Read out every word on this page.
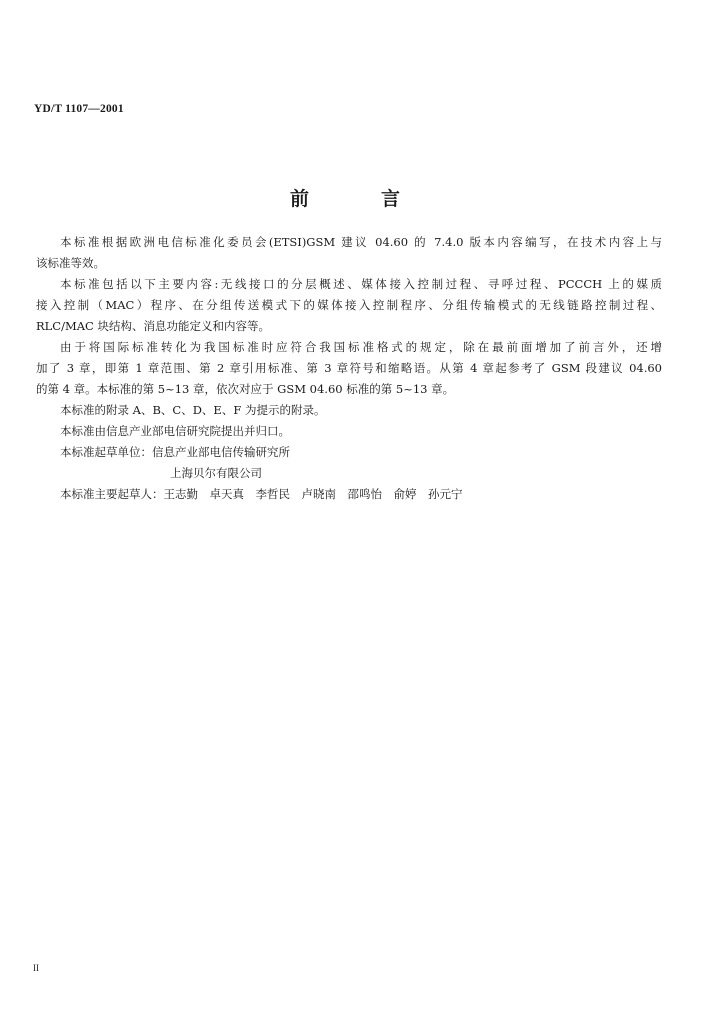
YD/T 1107—2001

前	言

本标准根据欧洲电信标准化委员会(ETSI)GSM 建议 04.60 的 7.4.0 版本内容编写，在技术内容上与
该标准等效。

本标准包括以下主要内容:无线接口的分层概述、媒体接入控制过程、寻呼过程、PCCCH 上的媒质
接入控制（MAC）程序、在分组传送模式下的媒体接入控制程序、分组传输模式的无线链路控制过程、
RLC/MAC 块结构、消息功能定义和内容等。

由于将国际标准转化为我国标准时应符合我国标准格式的规定，除在最前面增加了前言外，还增
加了 3 章，即第 1 章范围、第 2 章引用标准、第 3 章符号和缩略语。从第 4 章起参考了 GSM 段建议 04.60
的第 4 章。本标准的第 5~13 章，依次对应于 GSM 04.60 标准的第 5~13 章。

本标准的附录 A、B、C、D、E、F 为提示的附录。

本标准由信息产业部电信研究院提出并归口。

本标准起草单位：信息产业部电信传输研究所
上海贝尔有限公司

本标准主要起草人：王志勤　卓天真　李哲民　卢晓南　邵鸣怡　俞婷　孙元宁

II
